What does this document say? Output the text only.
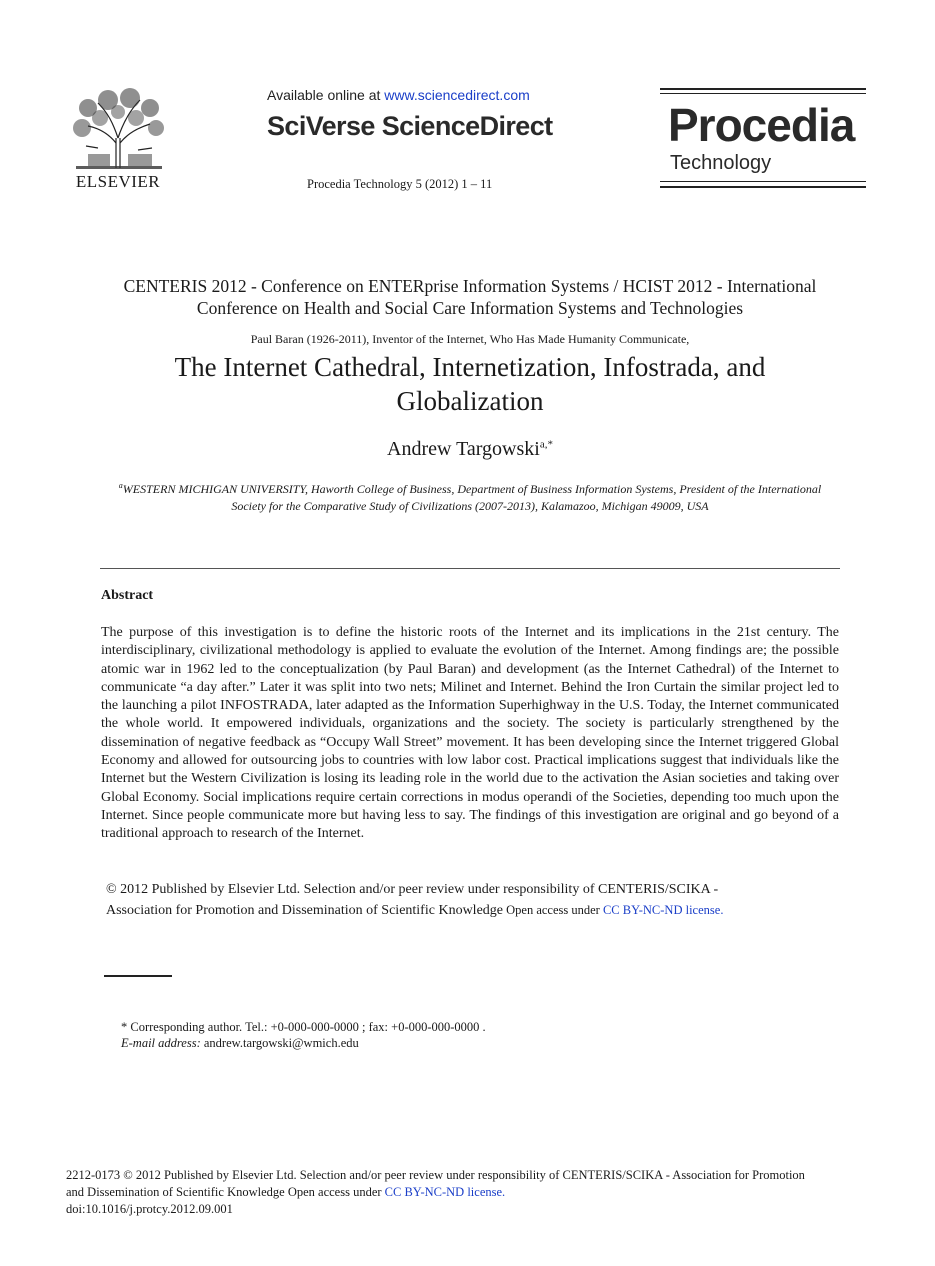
ELSEVIER
Available online at www.sciencedirect.com
SciVerse ScienceDirect
Procedia Technology 5 (2012) 1 – 11
Procedia
Technology
CENTERIS 2012 - Conference on ENTERprise Information Systems / HCIST 2012 - International Conference on Health and Social Care Information Systems and Technologies
Paul Baran (1926-2011), Inventor of the Internet, Who Has Made Humanity Communicate,
The Internet Cathedral, Internetization, Infostrada, and Globalization
Andrew Targowski$^{a,*}$
$^a$WESTERN MICHIGAN UNIVERSITY, Haworth College of Business, Department of Business Information Systems, President of the International Society for the Comparative Study of Civilizations (2007-2013), Kalamazoo, Michigan 49009, USA
Abstract
The purpose of this investigation is to define the historic roots of the Internet and its implications in the 21st century. The interdisciplinary, civilizational methodology is applied to evaluate the evolution of the Internet. Among findings are; the possible atomic war in 1962 led to the conceptualization (by Paul Baran) and development (as the Internet Cathedral) of the Internet to communicate “a day after.” Later it was split into two nets; Milinet and Internet. Behind the Iron Curtain the similar project led to the launching a pilot INFOSTRADA, later adapted as the Information Superhighway in the U.S. Today, the Internet communicated the whole world. It empowered individuals, organizations and the society. The society is particularly strengthened by the dissemination of negative feedback as “Occupy Wall Street” movement. It has been developing since the Internet triggered Global Economy and allowed for outsourcing jobs to countries with low labor cost. Practical implications suggest that individuals like the Internet but the Western Civilization is losing its leading role in the world due to the activation the Asian societies and taking over Global Economy. Social implications require certain corrections in modus operandi of the Societies, depending too much upon the Internet. Since people communicate more but having less to say. The findings of this investigation are original and go beyond of a traditional approach to research of the Internet.
© 2012 Published by Elsevier Ltd. Selection and/or peer review under responsibility of CENTERIS/SCIKA -
Association for Promotion and Dissemination of Scientific Knowledge Open access under CC BY-NC-ND license.
* Corresponding author. Tel.: +0-000-000-0000 ; fax: +0-000-000-0000 .
E-mail address: andrew.targowski@wmich.edu
2212-0173 © 2012 Published by Elsevier Ltd. Selection and/or peer review under responsibility of CENTERIS/SCIKA - Association for Promotion
and Dissemination of Scientific Knowledge Open access under CC BY-NC-ND license.
doi:10.1016/j.protcy.2012.09.001
